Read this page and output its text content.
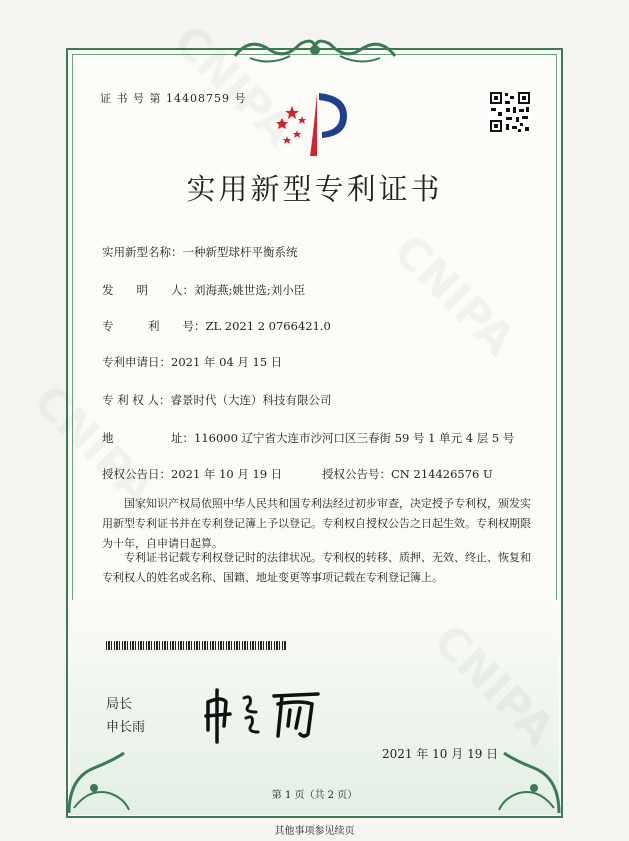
证 书 号 第 14408759 号
实用新型专利证书
实用新型名称：一种新型球杆平衡系统
发　　明　　人：刘海燕;姚世选;刘小臣
专　　　利　　号：ZL 2021 2 0766421.0
专利申请日：2021 年 04 月 15 日
专 利 权 人：睿景时代（大连）科技有限公司
地　　　　　址：116000 辽宁省大连市沙河口区三春街 59 号 1 单元 4 层 5 号
授权公告日：2021 年 10 月 19 日	授权公告号：CN 214426576 U
国家知识产权局依照中华人民共和国专利法经过初步审查，决定授予专利权，颁发实用新型专利证书并在专利登记簿上予以登记。专利权自授权公告之日起生效。专利权期限为十年，自申请日起算。
专利证书记载专利权登记时的法律状况。专利权的转移、质押、无效、终止、恢复和专利权人的姓名或名称、国籍、地址变更等事项记载在专利登记簿上。
局长
申长雨
2021 年 10 月 19 日
第 1 页（共 2 页）
其他事项参见续页
